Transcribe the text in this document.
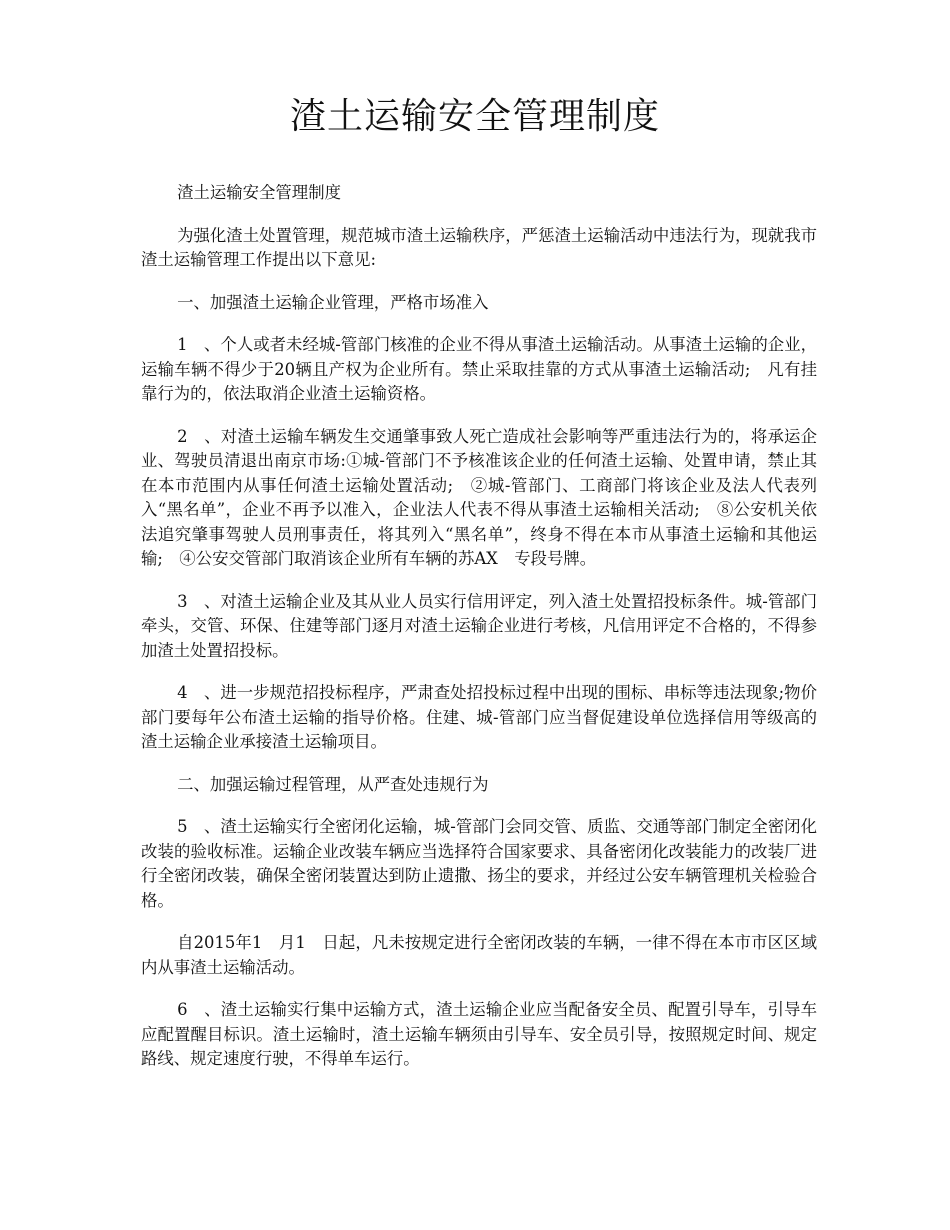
渣土运输安全管理制度

渣土运输安全管理制度

为强化渣土处置管理，规范城市渣土运输秩序，严惩渣土运输活动中违法行为，现就我市渣土运输管理工作提出以下意见:

一、加强渣土运输企业管理，严格市场准入

1　、个人或者未经城-管部门核准的企业不得从事渣土运输活动。从事渣土运输的企业，运输车辆不得少于20辆且产权为企业所有。禁止采取挂靠的方式从事渣土运输活动;　凡有挂靠行为的，依法取消企业渣土运输资格。

2　、对渣土运输车辆发生交通肇事致人死亡造成社会影响等严重违法行为的，将承运企业、驾驶员清退出南京市场:①城-管部门不予核准该企业的任何渣土运输、处置申请，禁止其在本市范围内从事任何渣土运输处置活动;　②城-管部门、工商部门将该企业及法人代表列入“黑名单”，企业不再予以准入，企业法人代表不得从事渣土运输相关活动;　⑧公安机关依法追究肇事驾驶人员刑事责任，将其列入“黑名单”，终身不得在本市从事渣土运输和其他运输;　④公安交管部门取消该企业所有车辆的苏AX　专段号牌。

3　、对渣土运输企业及其从业人员实行信用评定，列入渣土处置招投标条件。城-管部门牵头，交管、环保、住建等部门逐月对渣土运输企业进行考核，凡信用评定不合格的，不得参加渣土处置招投标。

4　、进一步规范招投标程序，严肃查处招投标过程中出现的围标、串标等违法现象;物价部门要每年公布渣土运输的指导价格。住建、城-管部门应当督促建设单位选择信用等级高的渣土运输企业承接渣土运输项目。

二、加强运输过程管理，从严查处违规行为

5　、渣土运输实行全密闭化运输，城-管部门会同交管、质监、交通等部门制定全密闭化改装的验收标准。运输企业改装车辆应当选择符合国家要求、具备密闭化改装能力的改装厂进行全密闭改装，确保全密闭装置达到防止遗撒、扬尘的要求，并经过公安车辆管理机关检验合格。

自2015年1　月1　日起，凡未按规定进行全密闭改装的车辆，一律不得在本市市区区域内从事渣土运输活动。

6　、渣土运输实行集中运输方式，渣土运输企业应当配备安全员、配置引导车，引导车应配置醒目标识。渣土运输时，渣土运输车辆须由引导车、安全员引导，按照规定时间、规定路线、规定速度行驶，不得单车运行。
